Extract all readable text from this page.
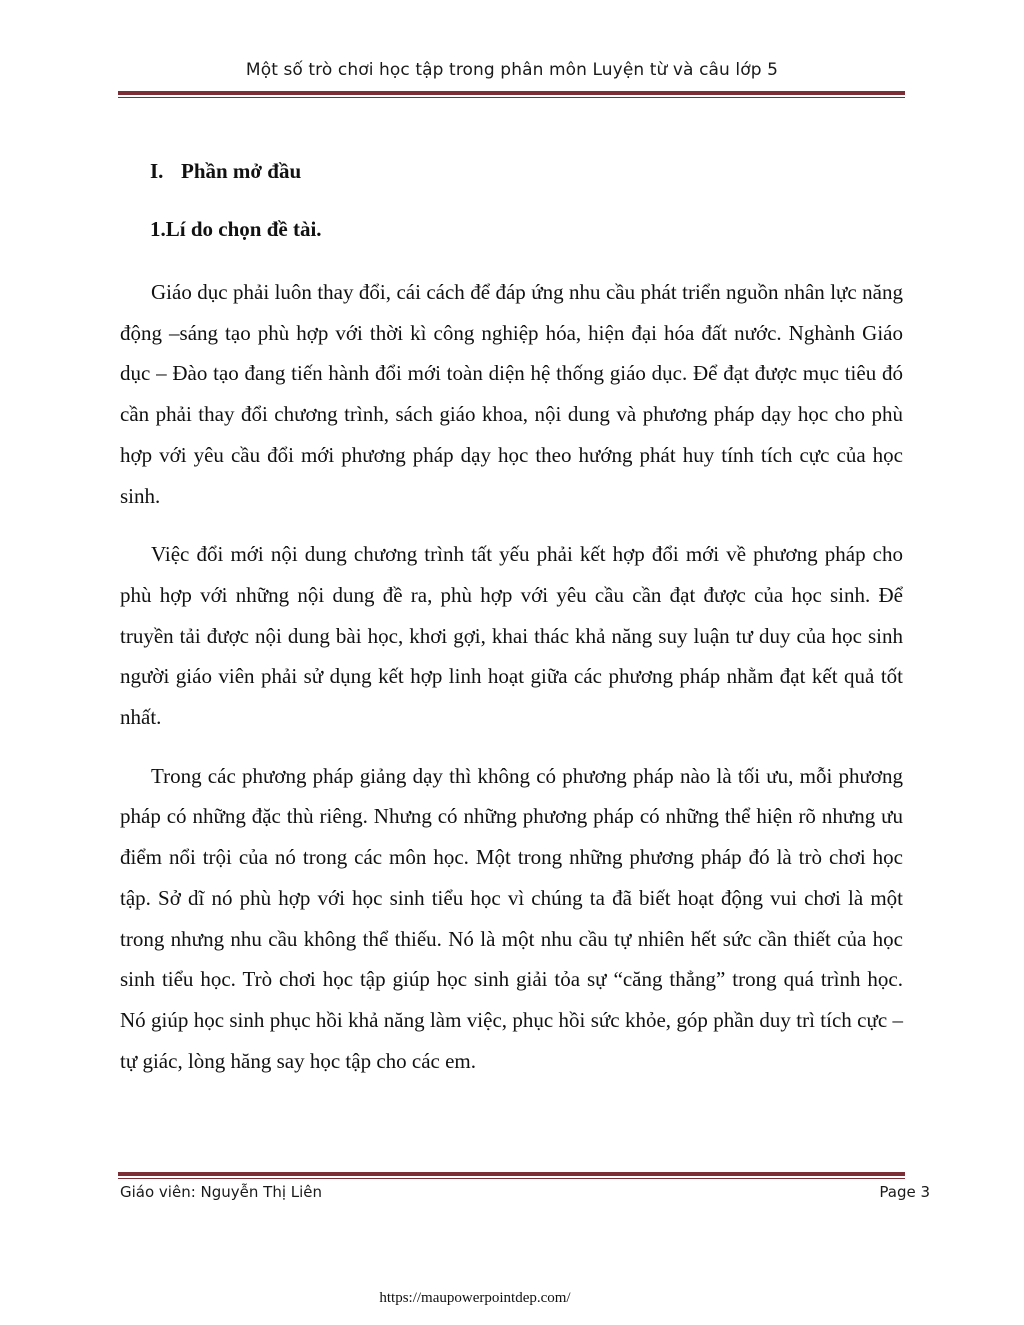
Một số trò chơi học tập trong phân môn Luyện từ và câu lớp 5
I. Phần mở đầu
1.Lí do chọn đề tài.

Giáo dục phải luôn thay đổi, cái cách để đáp ứng nhu cầu phát triển nguồn nhân lực năng động –sáng tạo phù hợp với thời kì công nghiệp hóa, hiện đại hóa đất nước. Nghành Giáo dục – Đào tạo đang tiến hành đổi mới toàn diện hệ thống giáo dục. Để đạt được mục tiêu đó cần phải thay đổi chương trình, sách giáo khoa, nội dung và phương pháp dạy học cho phù hợp với yêu cầu đổi mới phương pháp dạy học theo hướng phát huy tính tích cực của học sinh.

Việc đổi mới nội dung chương trình tất yếu phải kết hợp đổi mới về phương pháp cho phù hợp với những nội dung đề ra, phù hợp với yêu cầu cần đạt được của học sinh. Để truyền tải được nội dung bài học, khơi gợi, khai thác khả năng suy luận tư duy của học sinh người giáo viên phải sử dụng kết hợp linh hoạt giữa các phương pháp nhằm đạt kết quả tốt nhất.

Trong các phương pháp giảng dạy thì không có phương pháp nào là tối ưu, mỗi phương pháp có những đặc thù riêng. Nhưng có những phương pháp có những thể hiện rõ nhưng ưu điểm nổi trội của nó trong các môn học. Một trong những phương pháp đó là trò chơi học tập. Sở dĩ nó phù hợp với học sinh tiểu học vì chúng ta đã biết hoạt động vui chơi là một trong nhưng nhu cầu không thể thiếu. Nó là một nhu cầu tự nhiên hết sức cần thiết của học sinh tiểu học. Trò chơi học tập giúp học sinh giải tỏa sự “căng thẳng” trong quá trình học. Nó giúp học sinh phục hồi khả năng làm việc, phục hồi sức khỏe, góp phần duy trì tích cực – tự giác, lòng hăng say học tập cho các em.

Giáo viên: Nguyễn Thị Liên	Page 3
https://maupowerpointdep.com/
